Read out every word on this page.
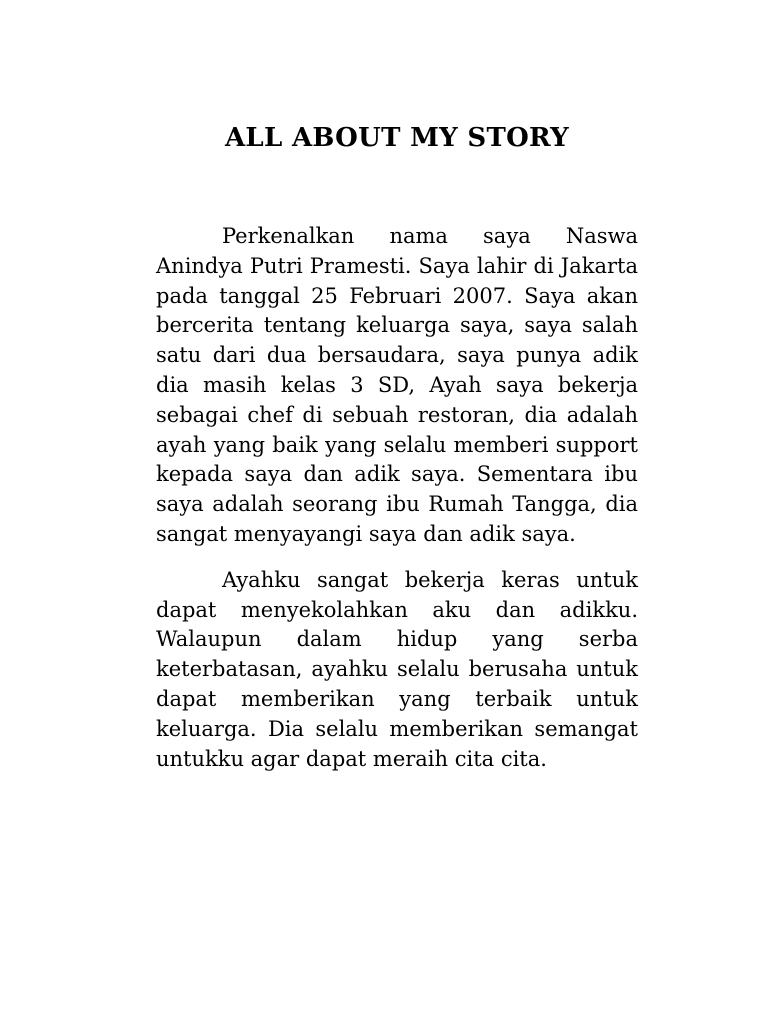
ALL ABOUT MY STORY

Perkenalkan nama saya Naswa Anindya Putri Pramesti. Saya lahir di Jakarta pada tanggal 25 Februari 2007. Saya akan bercerita tentang keluarga saya, saya salah satu dari dua bersaudara, saya punya adik dia masih kelas 3 SD, Ayah saya bekerja sebagai chef di sebuah restoran, dia adalah ayah yang baik yang selalu memberi support kepada saya dan adik saya. Sementara ibu saya adalah seorang ibu Rumah Tangga, dia sangat menyayangi saya dan adik saya.

Ayahku sangat bekerja keras untuk dapat menyekolahkan aku dan adikku. Walaupun dalam hidup yang serba keterbatasan, ayahku selalu berusaha untuk dapat memberikan yang terbaik untuk keluarga. Dia selalu memberikan semangat untukku agar dapat meraih cita cita.
